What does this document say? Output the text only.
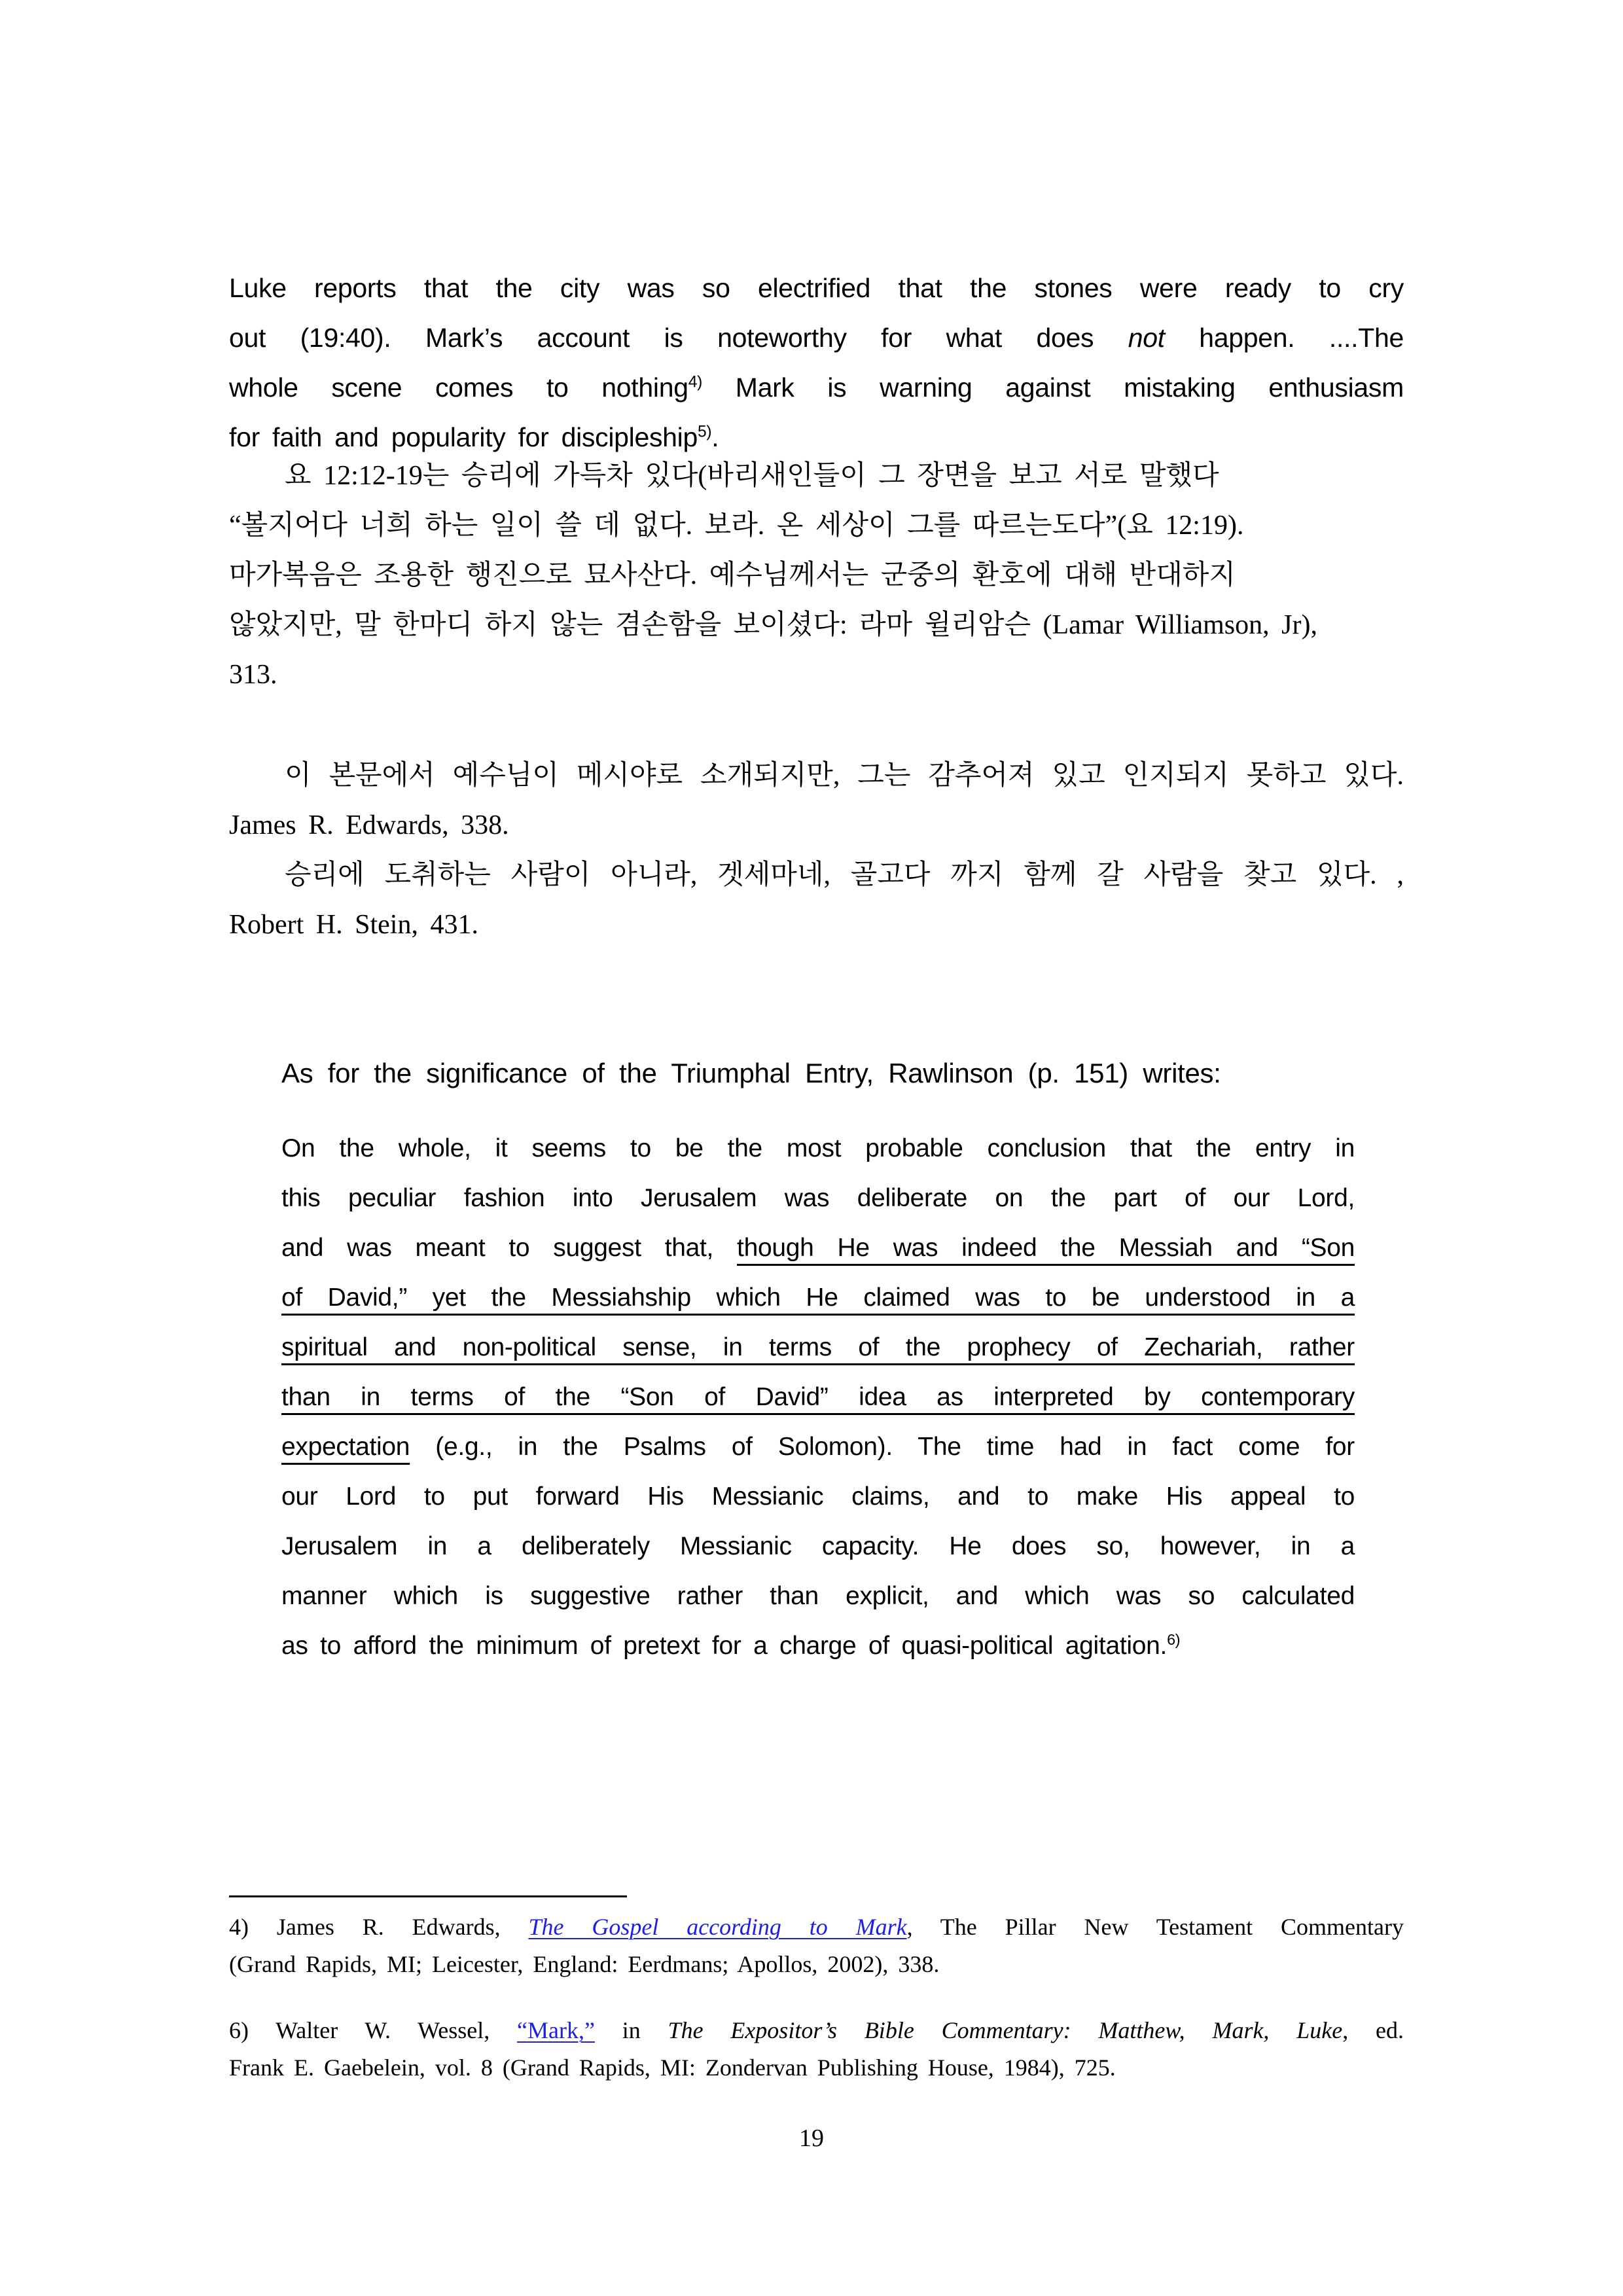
Luke reports that the city was so electrified that the stones were ready to cry
out (19:40). Mark’s account is noteworthy for what does not happen. ....The
whole scene comes to nothing$^{4)}$ Mark is warning against mistaking enthusiasm
for faith and popularity for discipleship$^{5)}$.
요 12:12-19는 승리에 가득차 있다(바리새인들이 그 장면을 보고 서로 말했다
“볼지어다 너희 하는 일이 쓸 데 없다. 보라. 온 세상이 그를 따르는도다”(요 12:19).
마가복음은 조용한 행진으로 묘사산다. 예수님께서는 군중의 환호에 대해 반대하지
않았지만, 말 한마디 하지 않는 겸손함을 보이셨다: 라마 윌리암슨 (Lamar Williamson, Jr),
313.
이 본문에서 예수님이 메시야로 소개되지만, 그는 감추어져 있고 인지되지 못하고 있다.
James R. Edwards, 338.
승리에 도취하는 사람이 아니라, 겟세마네, 골고다 까지 함께 갈 사람을 찾고 있다. ,
Robert H. Stein, 431.
As for the significance of the Triumphal Entry, Rawlinson (p. 151) writes:
On the whole, it seems to be the most probable conclusion that the entry in
this peculiar fashion into Jerusalem was deliberate on the part of our Lord,
and was meant to suggest that, though He was indeed the Messiah and “Son
of David,” yet the Messiahship which He claimed was to be understood in a
spiritual and non-political sense, in terms of the prophecy of Zechariah, rather
than in terms of the “Son of David” idea as interpreted by contemporary
expectation (e.g., in the Psalms of Solomon). The time had in fact come for
our Lord to put forward His Messianic claims, and to make His appeal to
Jerusalem in a deliberately Messianic capacity. He does so, however, in a
manner which is suggestive rather than explicit, and which was so calculated
as to afford the minimum of pretext for a charge of quasi-political agitation.$^{6)}$
4) James R. Edwards, The Gospel according to Mark, The Pillar New Testament Commentary
(Grand Rapids, MI; Leicester, England: Eerdmans; Apollos, 2002), 338.
6) Walter W. Wessel, “Mark,” in The Expositor’s Bible Commentary: Matthew, Mark, Luke, ed.
Frank E. Gaebelein, vol. 8 (Grand Rapids, MI: Zondervan Publishing House, 1984), 725.
19
